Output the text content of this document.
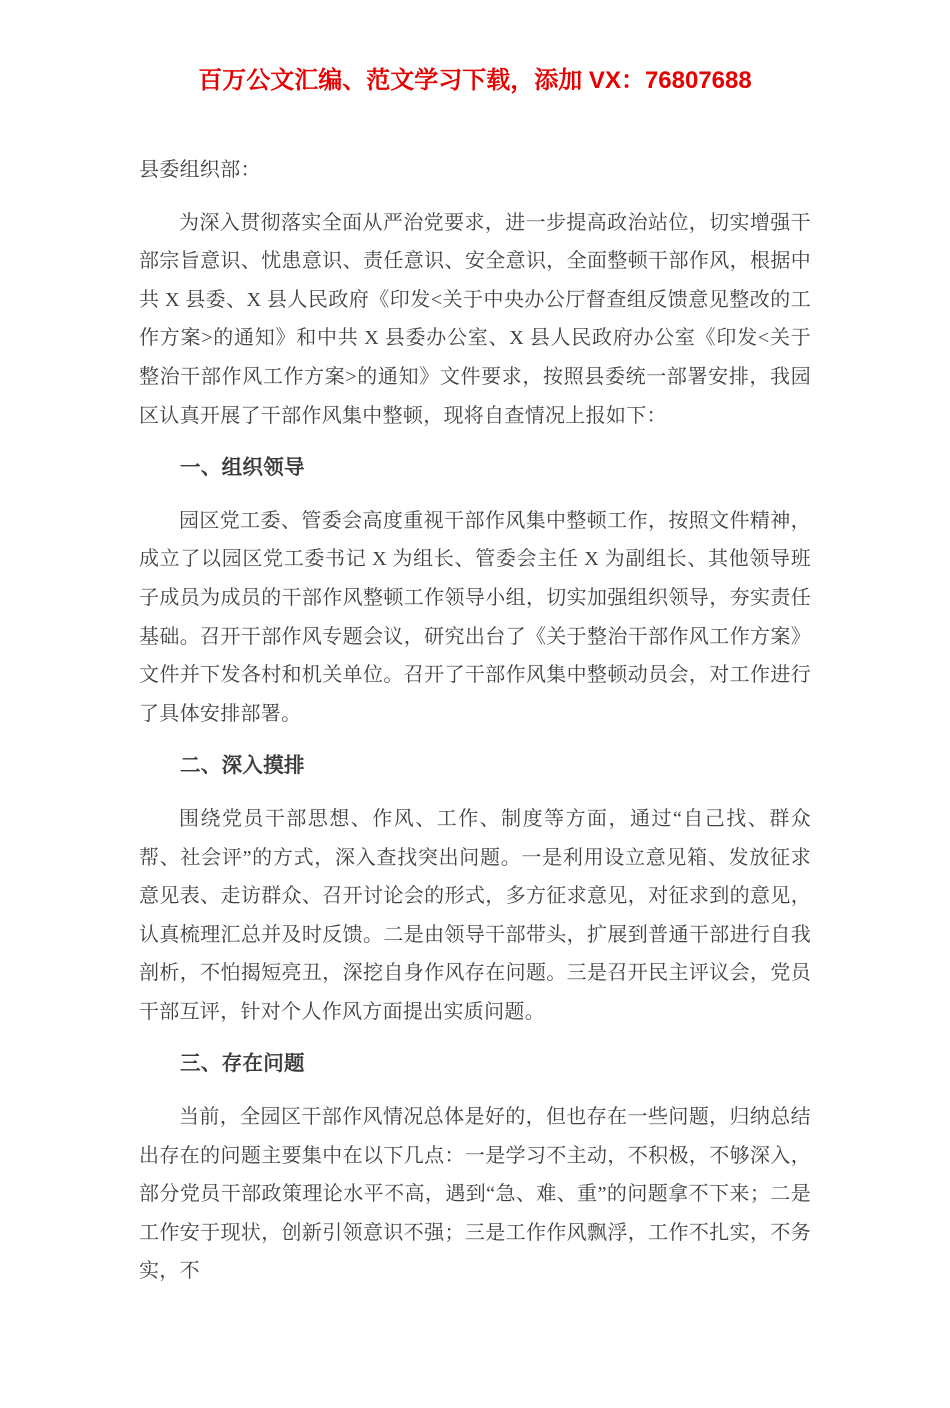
百万公文汇编、范文学习下载，添加 VX：76807688

县委组织部：

为深入贯彻落实全面从严治党要求，进一步提高政治站位，切实增强干部宗旨意识、忧患意识、责任意识、安全意识，全面整顿干部作风，根据中共 X 县委、X 县人民政府《印发<关于中央办公厅督查组反馈意见整改的工作方案>的通知》和中共 X 县委办公室、X 县人民政府办公室《印发<关于整治干部作风工作方案>的通知》文件要求，按照县委统一部署安排，我园区认真开展了干部作风集中整顿，现将自查情况上报如下：

一、组织领导

园区党工委、管委会高度重视干部作风集中整顿工作，按照文件精神，成立了以园区党工委书记 X 为组长、管委会主任 X 为副组长、其他领导班子成员为成员的干部作风整顿工作领导小组，切实加强组织领导，夯实责任基础。召开干部作风专题会议，研究出台了《关于整治干部作风工作方案》文件并下发各村和机关单位。召开了干部作风集中整顿动员会，对工作进行了具体安排部署。

二、深入摸排

围绕党员干部思想、作风、工作、制度等方面，通过“自己找、群众帮、社会评”的方式，深入查找突出问题。一是利用设立意见箱、发放征求意见表、走访群众、召开讨论会的形式，多方征求意见，对征求到的意见，认真梳理汇总并及时反馈。二是由领导干部带头，扩展到普通干部进行自我剖析，不怕揭短亮丑，深挖自身作风存在问题。三是召开民主评议会，党员干部互评，针对个人作风方面提出实质问题。

三、存在问题

当前，全园区干部作风情况总体是好的，但也存在一些问题，归纳总结出存在的问题主要集中在以下几点：一是学习不主动，不积极，不够深入，部分党员干部政策理论水平不高，遇到“急、难、重”的问题拿不下来；二是工作安于现状，创新引领意识不强；三是工作作风飘浮，工作不扎实，不务实，不
